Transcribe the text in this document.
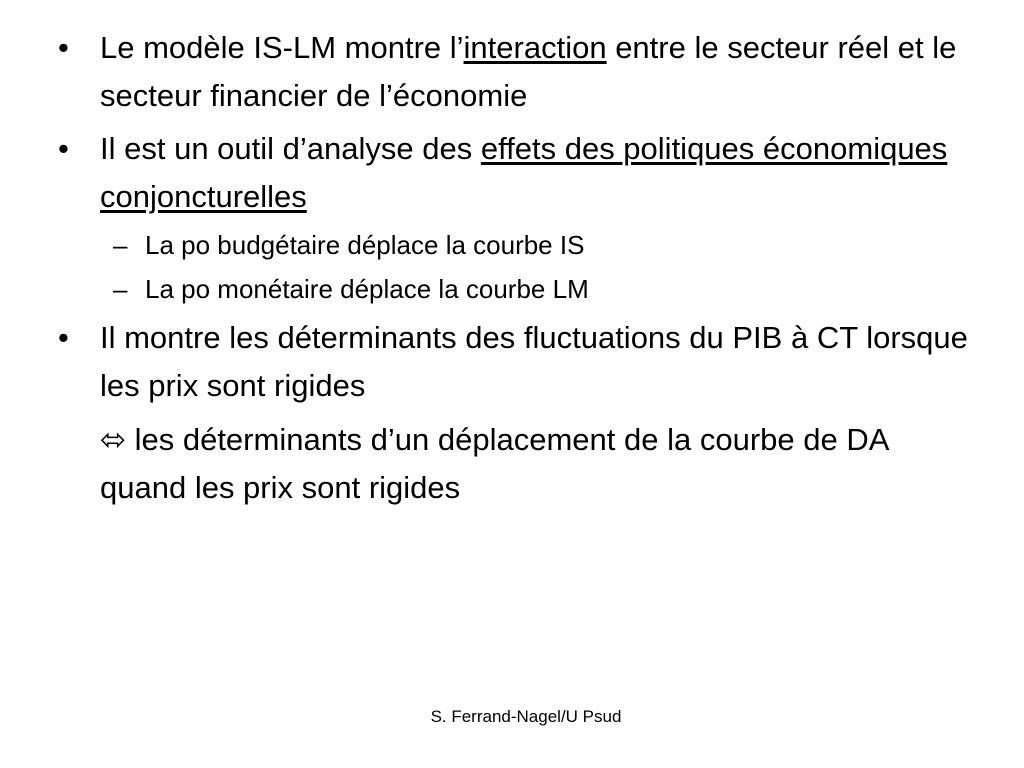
•	Le modèle IS-LM montre l’interaction entre le secteur réel et le secteur financier de l’économie

•	Il est un outil d’analyse des effets des politiques économiques conjoncturelles

– La po budgétaire déplace la courbe IS

– La po monétaire déplace la courbe LM

•	Il montre les déterminants des fluctuations du PIB à CT lorsque les prix sont rigides

⬄ les déterminants d’un déplacement de la courbe de DA quand les prix sont rigides

S. Ferrand-Nagel/U Psud
